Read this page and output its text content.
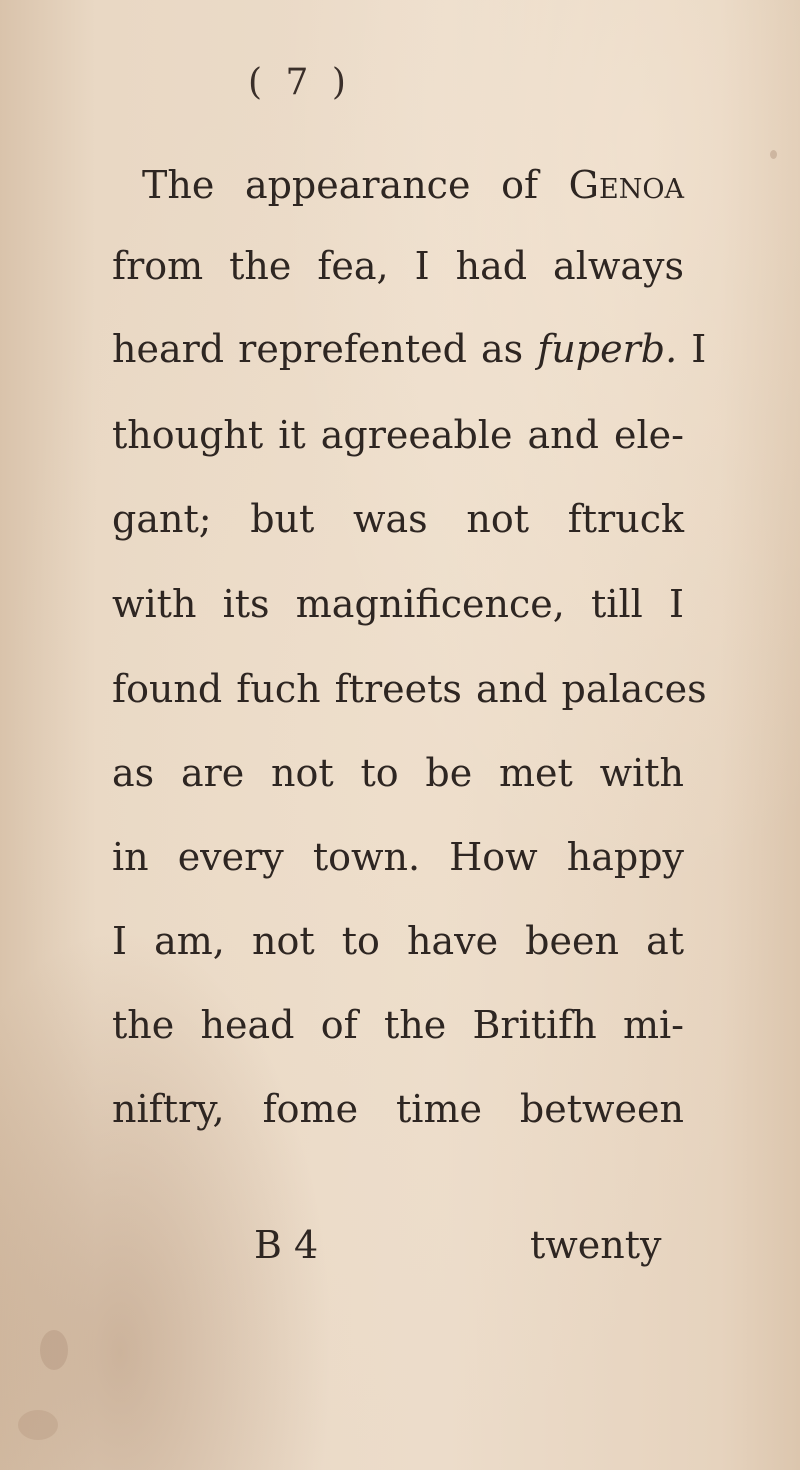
( 7 )
The appearance of Genoa
from the fea, I had always
heard reprefented as fuperb. I
thought it agreeable and ele-
gant; but was not ftruck
with its magnificence, till I
found fuch ftreets and palaces
as are not to be met with
in every town. How happy
I am, not to have been at
the head of the Britifh mi-
niftry, fome time between
B 4	twenty
